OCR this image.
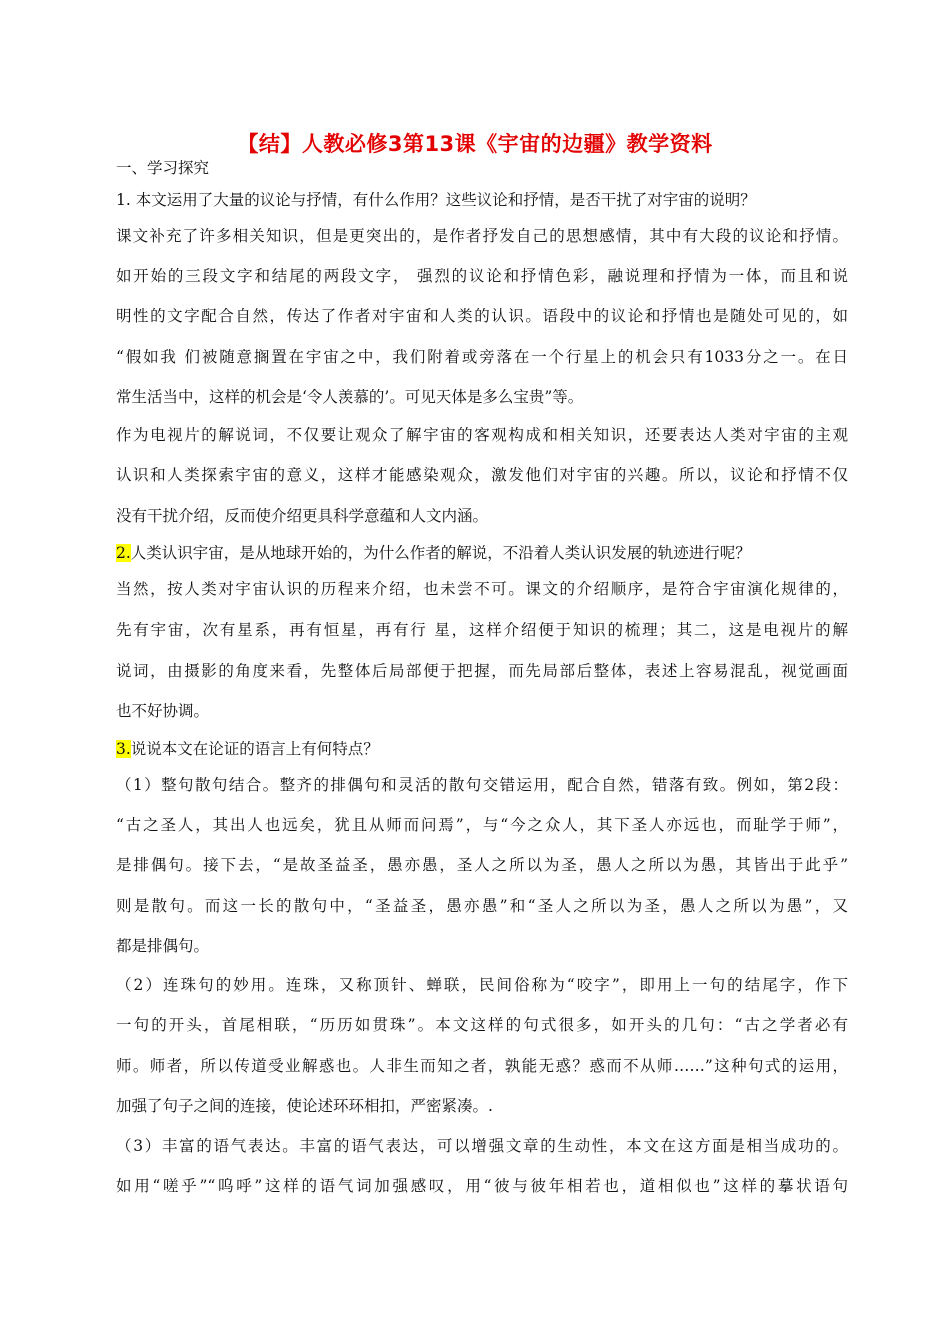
【结】人教必修3第13课《宇宙的边疆》教学资料
一、学习探究
1. 本文运用了大量的议论与抒情，有什么作用？这些议论和抒情，是否干扰了对宇宙的说明？
课文补充了许多相关知识，但是更突出的，是作者抒发自己的思想感情，其中有大段的议论和抒情。
如开始的三段文字和结尾的两段文字， 强烈的议论和抒情色彩，融说理和抒情为一体，而且和说
明性的文字配合自然，传达了作者对宇宙和人类的认识。语段中的议论和抒情也是随处可见的，如
“假如我 们被随意搁置在宇宙之中，我们附着或旁落在一个行星上的机会只有1033分之一。在日
常生活当中，这样的机会是‘令人羡慕的’。可见天体是多么宝贵”等。
作为电视片的解说词，不仅要让观众了解宇宙的客观构成和相关知识，还要表达人类对宇宙的主观
认识和人类探索宇宙的意义，这样才能感染观众，激发他们对宇宙的兴趣。所以，议论和抒情不仅
没有干扰介绍，反而使介绍更具科学意蕴和人文内涵。
2.人类认识宇宙，是从地球开始的，为什么作者的解说，不沿着人类认识发展的轨迹进行呢？
当然，按人类对宇宙认识的历程来介绍，也未尝不可。课文的介绍顺序，是符合宇宙演化规律的，
先有宇宙，次有星系，再有恒星，再有行 星，这样介绍便于知识的梳理；其二，这是电视片的解
说词，由摄影的角度来看，先整体后局部便于把握，而先局部后整体，表述上容易混乱，视觉画面
也不好协调。
3.说说本文在论证的语言上有何特点？
（1）整句散句结合。整齐的排偶句和灵活的散句交错运用，配合自然，错落有致。例如，第2段：
“古之圣人，其出人也远矣，犹且从师而问焉”，与“今之众人，其下圣人亦远也，而耻学于师”，
是排偶句。接下去，“是故圣益圣，愚亦愚，圣人之所以为圣，愚人之所以为愚，其皆出于此乎”
则是散句。而这一长的散句中，“圣益圣，愚亦愚”和“圣人之所以为圣，愚人之所以为愚”，又
都是排偶句。
（2）连珠句的妙用。连珠，又称顶针、蝉联，民间俗称为“咬字”，即用上一句的结尾字，作下
一句的开头，首尾相联，“历历如贯珠”。本文这样的句式很多，如开头的几句：“古之学者必有
师。师者，所以传道受业解惑也。人非生而知之者，孰能无惑？惑而不从师……”这种句式的运用，
加强了句子之间的连接，使论述环环相扣，严密紧凑。.
（3）丰富的语气表达。丰富的语气表达，可以增强文章的生动性，本文在这方面是相当成功的。
如用“嗟乎”“呜呼”这样的语气词加强感叹，用“彼与彼年相若也，道相似也”这样的摹状语句
